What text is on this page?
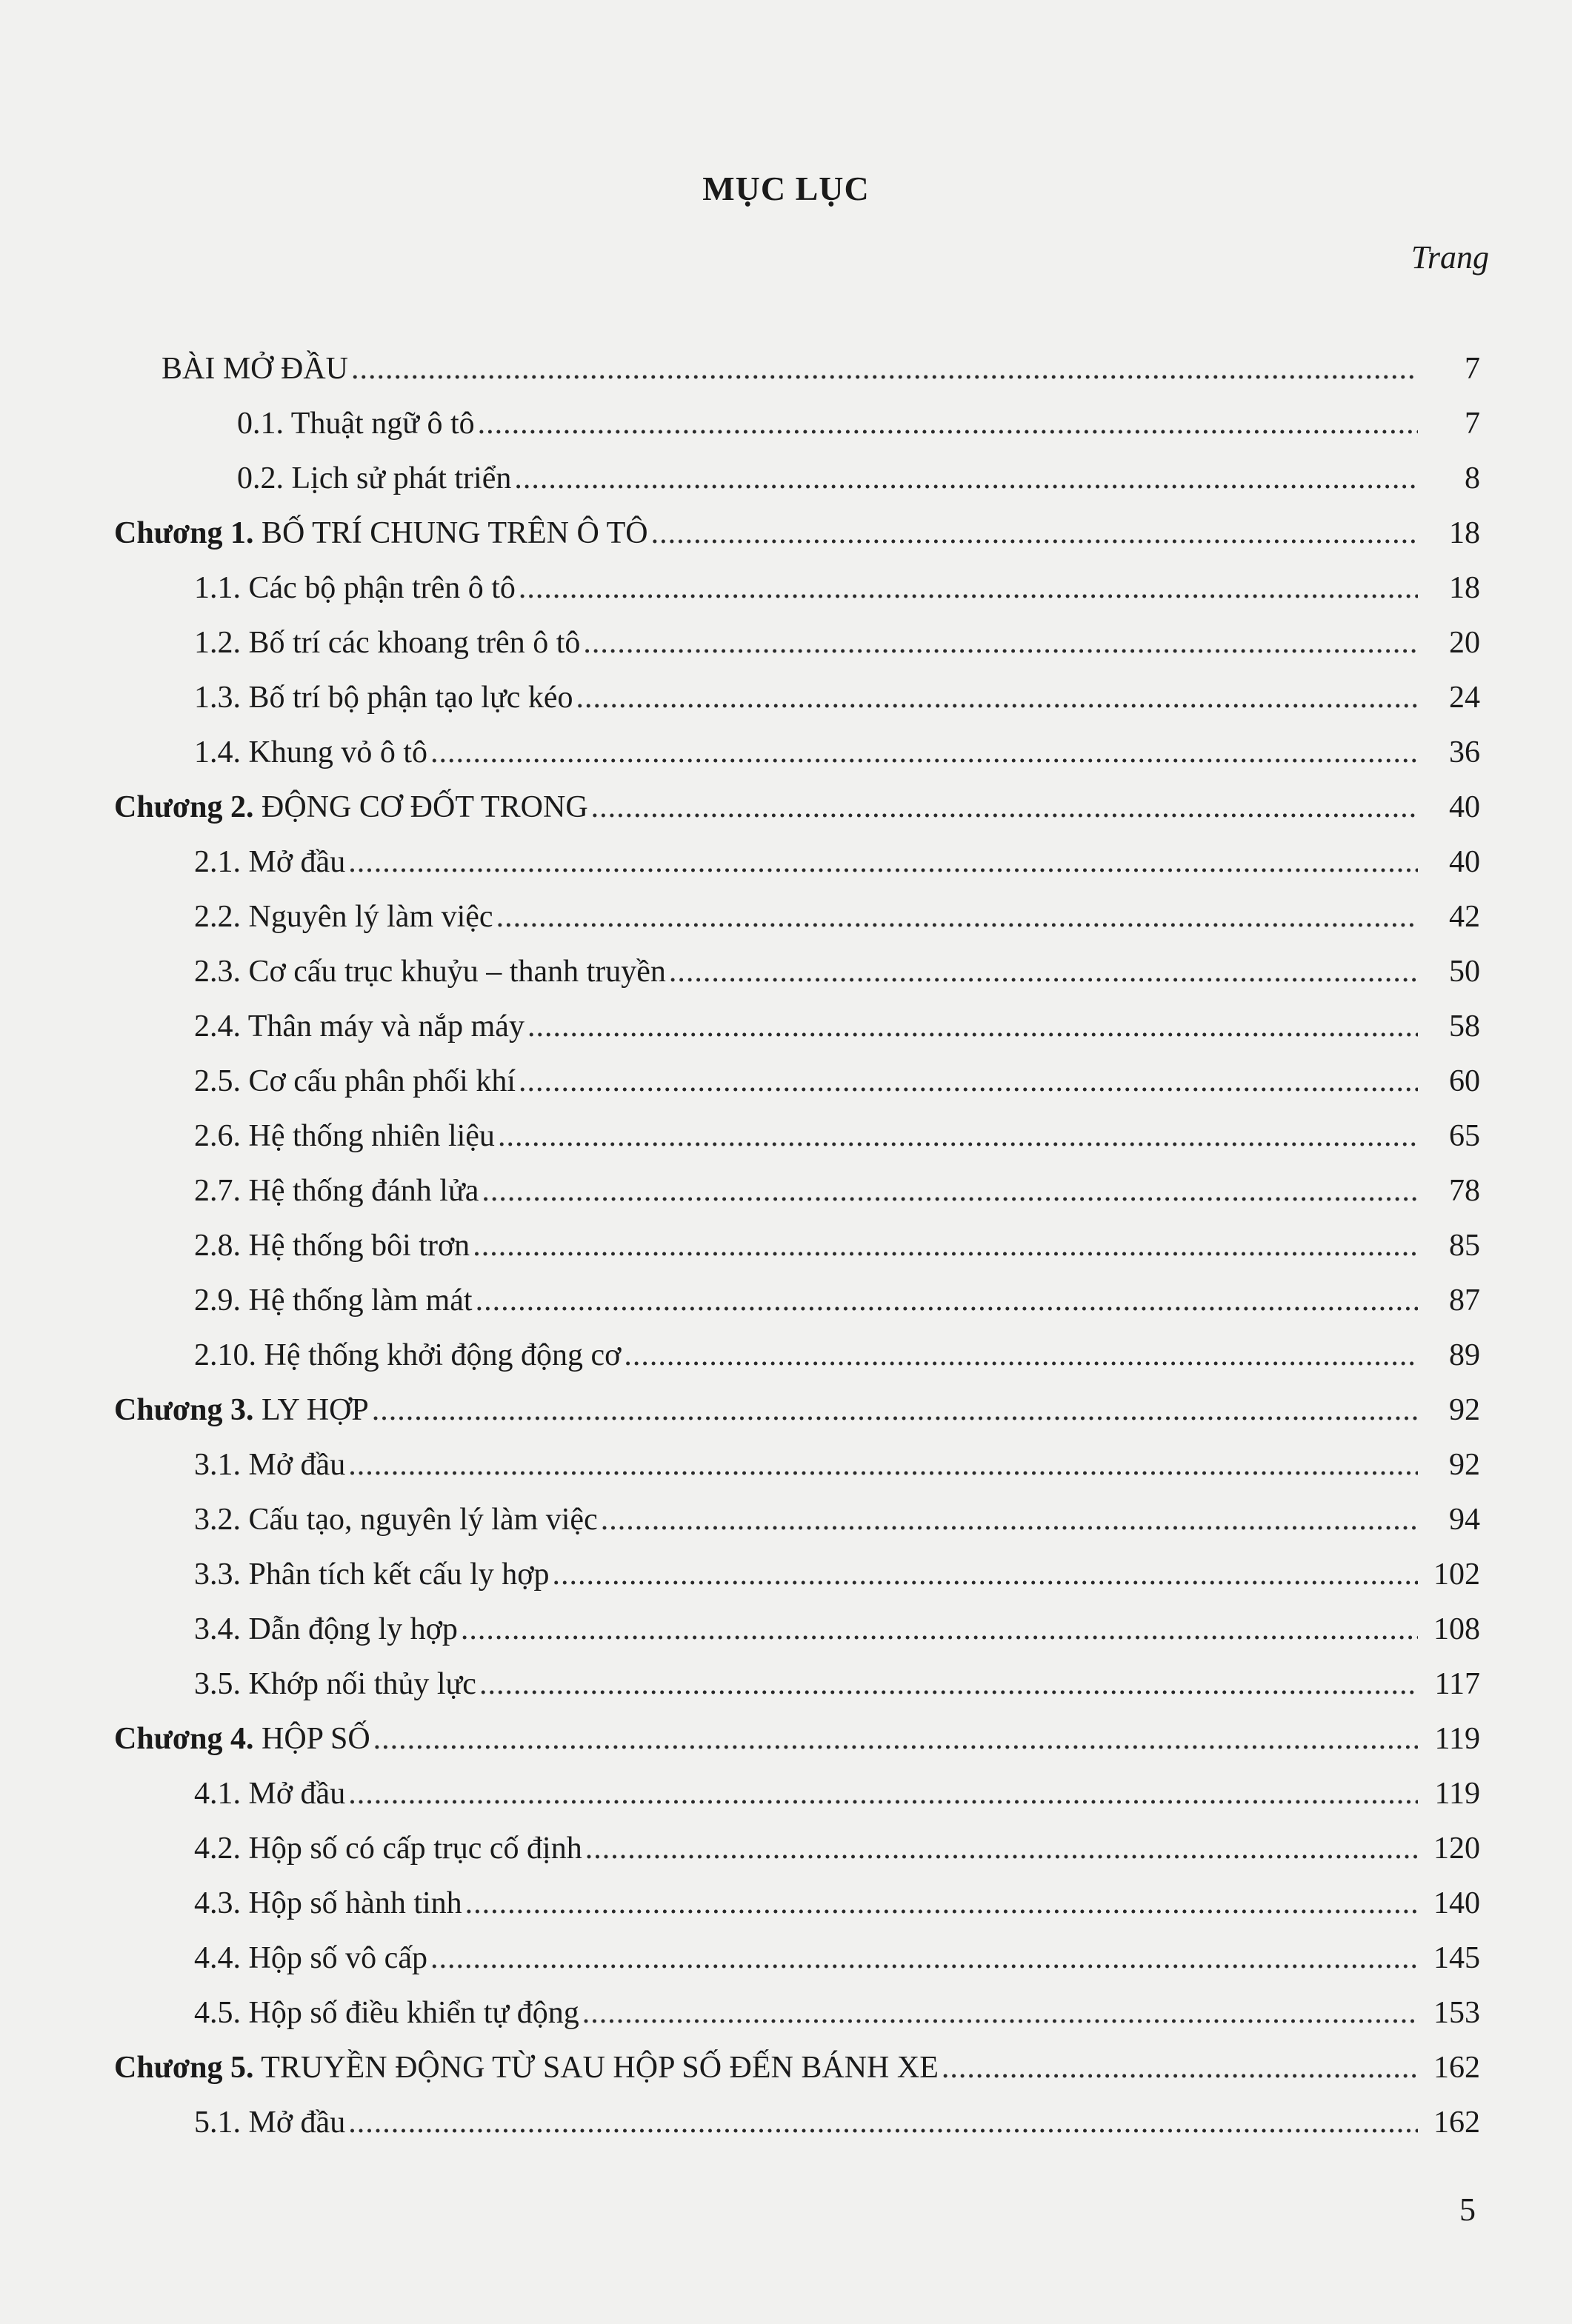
MỤC LỤC
Trang
BÀI MỞ ĐẦU .....	7
0.1. Thuật ngữ ô tô .....	7
0.2. Lịch sử phát triển .....	8
Chương 1. BỐ TRÍ CHUNG TRÊN Ô TÔ .....	18
1.1. Các bộ phận trên ô tô .....	18
1.2. Bố trí các khoang trên ô tô .....	20
1.3. Bố trí bộ phận tạo lực kéo .....	24
1.4. Khung vỏ ô tô .....	36
Chương 2. ĐỘNG CƠ ĐỐT TRONG .....	40
2.1. Mở đầu .....	40
2.2. Nguyên lý làm việc .....	42
2.3. Cơ cấu trục khuỷu – thanh truyền .....	50
2.4. Thân máy và nắp máy .....	58
2.5. Cơ cấu phân phối khí .....	60
2.6. Hệ thống nhiên liệu .....	65
2.7. Hệ thống đánh lửa .....	78
2.8. Hệ thống bôi trơn .....	85
2.9. Hệ thống làm mát .....	87
2.10. Hệ thống khởi động động cơ .....	89
Chương 3. LY HỢP .....	92
3.1. Mở đầu .....	92
3.2. Cấu tạo, nguyên lý làm việc .....	94
3.3. Phân tích kết cấu ly hợp .....	102
3.4. Dẫn động ly hợp .....	108
3.5. Khớp nối thủy lực .....	117
Chương 4. HỘP SỐ .....	119
4.1. Mở đầu .....	119
4.2. Hộp số có cấp trục cố định .....	120
4.3. Hộp số hành tinh .....	140
4.4. Hộp số vô cấp .....	145
4.5. Hộp số điều khiển tự động .....	153
Chương 5. TRUYỀN ĐỘNG TỪ SAU HỘP SỐ ĐẾN BÁNH XE .....	162
5.1. Mở đầu .....	162
5
